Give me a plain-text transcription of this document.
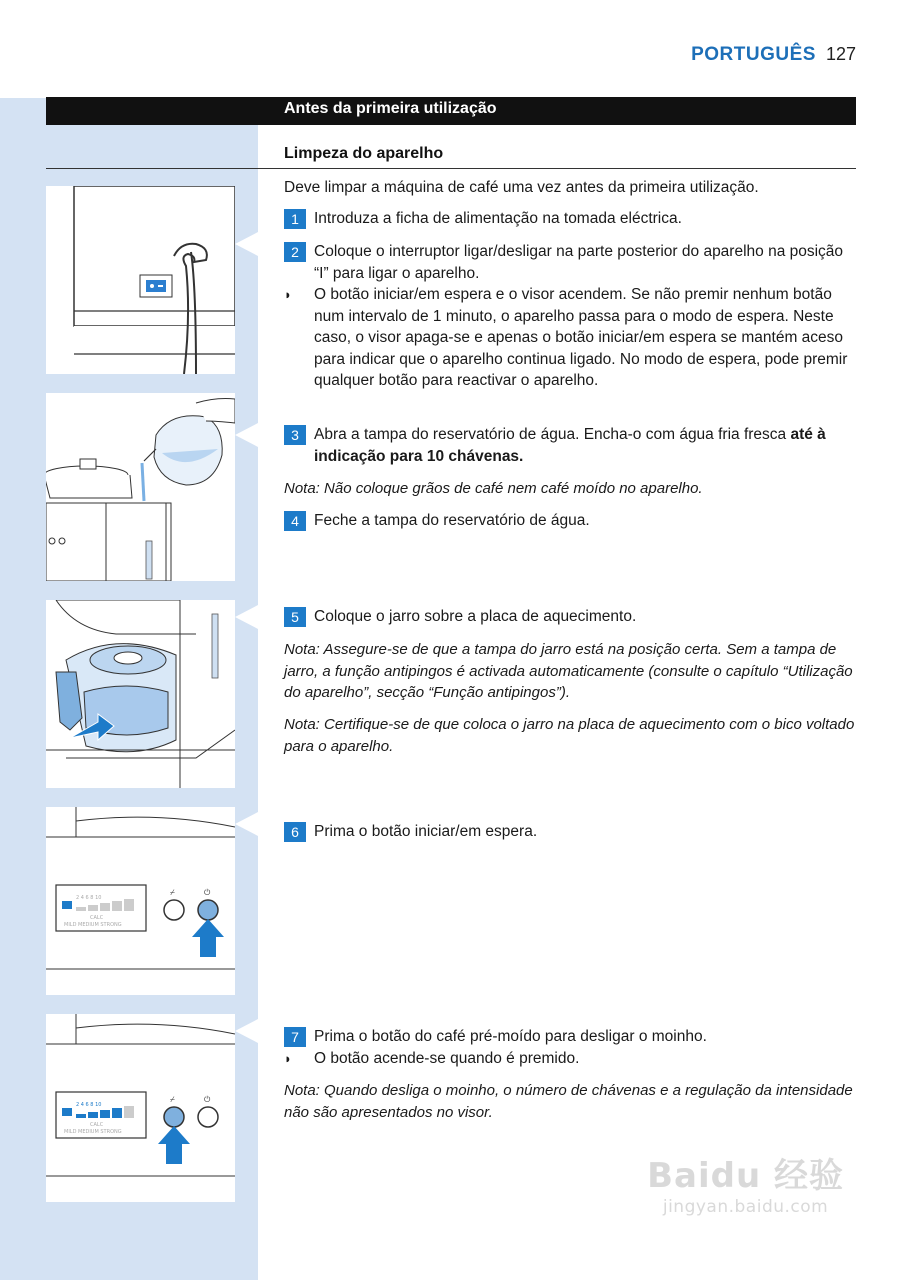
PORTUGUÊS 127
Antes da primeira utilização
Limpeza do aparelho
2 4 6 8 10
CALC
MILD MEDIUM STRONG
⌿	⏻
2 4 6 8 10
CALC
MILD MEDIUM STRONG
⌿	⏻
Deve limpar a máquina de café uma vez antes da primeira utilização.
1 Introduza a ficha de alimentação na tomada eléctrica.
2 Coloque o interruptor ligar/desligar na parte posterior do aparelho na posição “I” para ligar o aparelho.
◗	O botão iniciar/em espera e o visor acendem. Se não premir nenhum botão num intervalo de 1 minuto, o aparelho passa para o modo de espera. Neste caso, o visor apaga-se e apenas o botão iniciar/em espera se mantém aceso para indicar que o aparelho continua ligado. No modo de espera, pode premir qualquer botão para reactivar o aparelho.
3 Abra a tampa do reservatório de água. Encha-o com água fria fresca até à indicação para 10 chávenas.
Nota: Não coloque grãos de café nem café moído no aparelho.
4 Feche a tampa do reservatório de água.
5 Coloque o jarro sobre a placa de aquecimento.
Nota: Assegure-se de que a tampa do jarro está na posição certa. Sem a tampa de jarro, a função antipingos é activada automaticamente (consulte o capítulo “Utilização do aparelho”, secção “Função antipingos”).
Nota: Certifique-se de que coloca o jarro na placa de aquecimento com o bico voltado para o aparelho.
6 Prima o botão iniciar/em espera.
7 Prima o botão do café pré-moído para desligar o moinho.
◗	O botão acende-se quando é premido.
Nota: Quando desliga o moinho, o número de chávenas e a regulação da intensidade não são apresentados no visor.
Baidu 经验
jingyan.baidu.com
